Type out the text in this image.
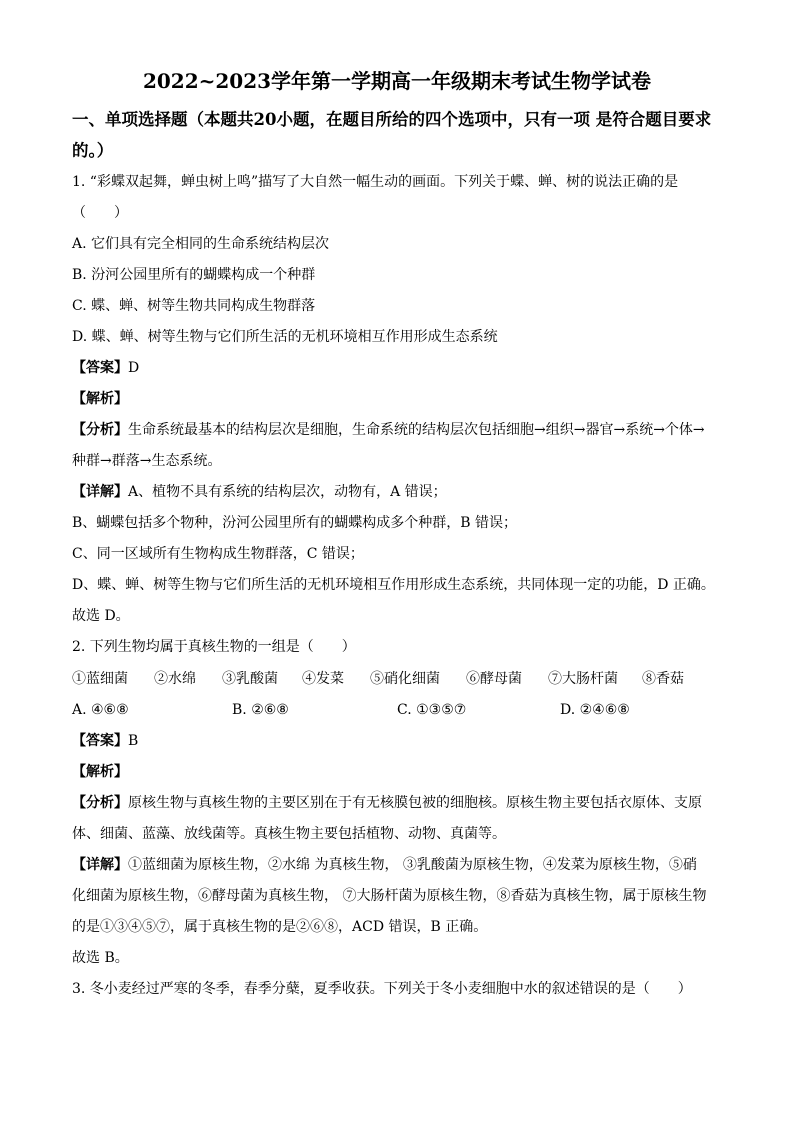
2022~2023学年第一学期高一年级期末考试生物学试卷
一、单项选择题（本题共20小题，在题目所给的四个选项中，只有一项 是符合题目要求的。）
1. “彩蝶双起舞，蝉虫树上鸣”描写了大自然一幅生动的画面。下列关于蝶、蝉、树的说法正确的是
（　　）
A. 它们具有完全相同的生命系统结构层次
B. 汾河公园里所有的蝴蝶构成一个种群
C. 蝶、蝉、树等生物共同构成生物群落
D. 蝶、蝉、树等生物与它们所生活的无机环境相互作用形成生态系统
【答案】D
【解析】
【分析】生命系统最基本的结构层次是细胞，生命系统的结构层次包括细胞→组织→器官→系统→个体→
种群→群落→生态系统。
【详解】A、植物不具有系统的结构层次，动物有，A 错误；
B、蝴蝶包括多个物种，汾河公园里所有的蝴蝶构成多个种群，B 错误；
C、同一区域所有生物构成生物群落，C 错误；
D、蝶、蝉、树等生物与它们所生活的无机环境相互作用形成生态系统，共同体现一定的功能，D 正确。
故选 D。
2. 下列生物均属于真核生物的一组是（　　）
①蓝细菌 ②水绵 ③乳酸菌 ④发菜 ⑤硝化细菌 ⑥酵母菌 ⑦大肠杆菌 ⑧香菇
A. ④⑥⑧	B. ②⑥⑧	C. ①③⑤⑦	D. ②④⑥⑧
【答案】B
【解析】
【分析】原核生物与真核生物的主要区别在于有无核膜包被的细胞核。原核生物主要包括衣原体、支原
体、细菌、蓝藻、放线菌等。真核生物主要包括植物、动物、真菌等。
【详解】①蓝细菌为原核生物，②水绵 为真核生物， ③乳酸菌为原核生物，④发菜为原核生物，⑤硝
化细菌为原核生物，⑥酵母菌为真核生物， ⑦大肠杆菌为原核生物，⑧香菇为真核生物，属于原核生物
的是①③④⑤⑦，属于真核生物的是②⑥⑧，ACD 错误，B 正确。
故选 B。
3. 冬小麦经过严寒的冬季，春季分蘖，夏季收获。下列关于冬小麦细胞中水的叙述错误的是（　　）
